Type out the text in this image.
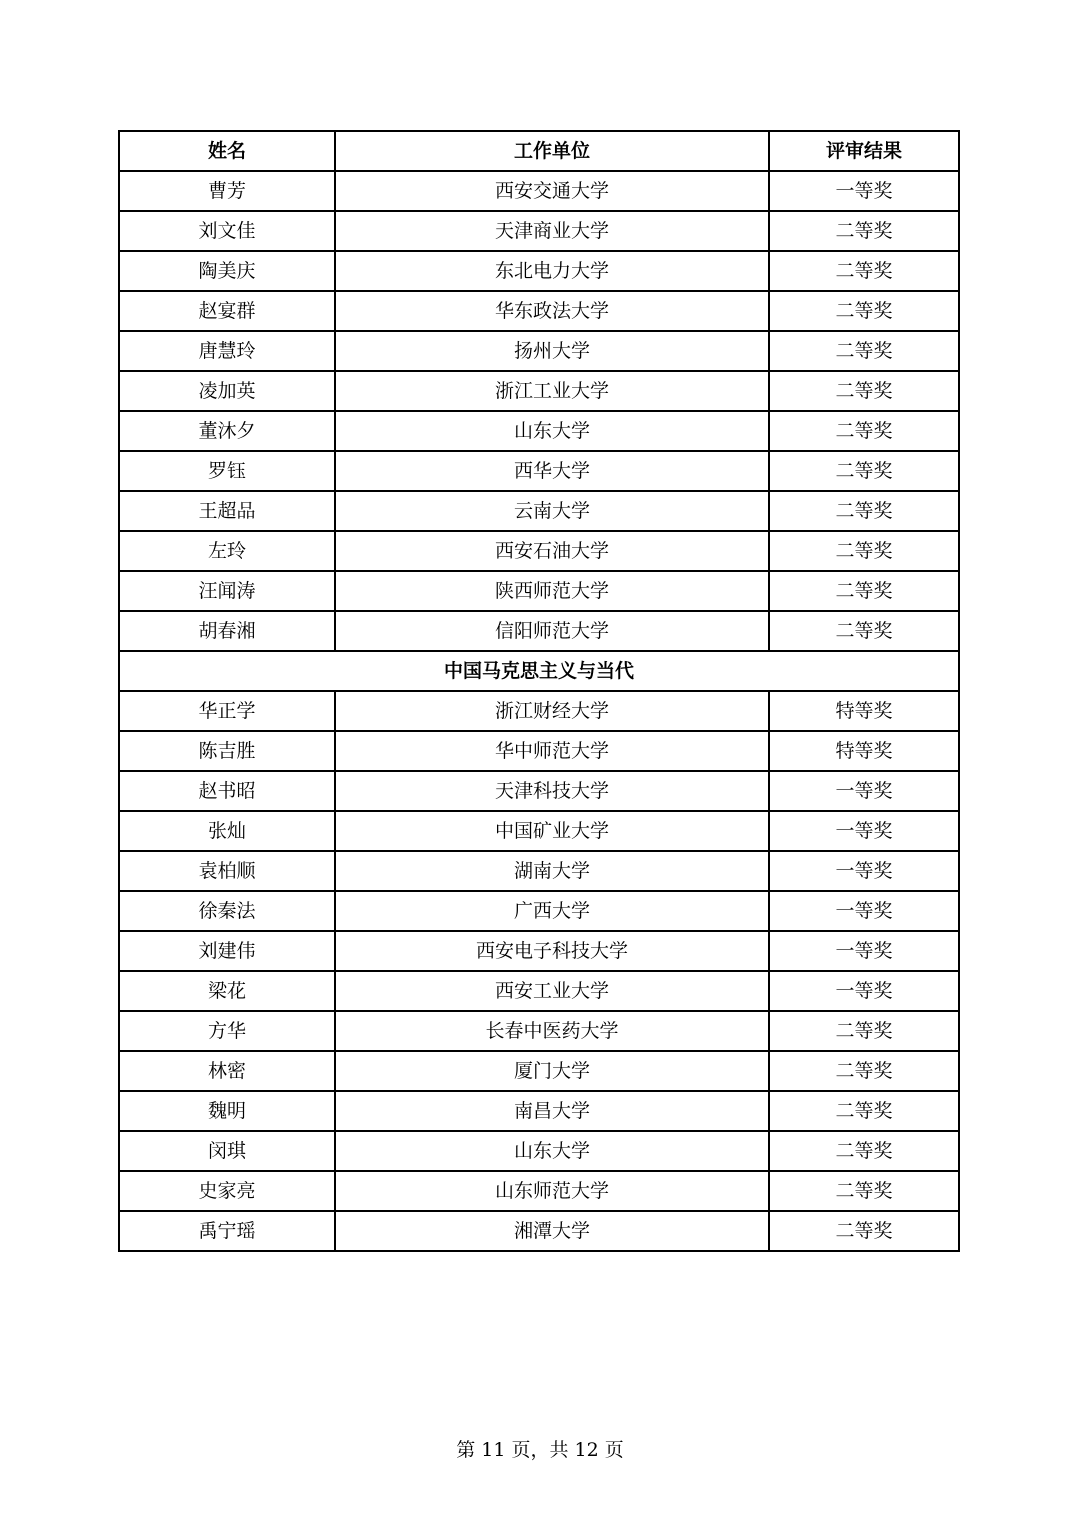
姓名	工作单位	评审结果
曹芳	西安交通大学	一等奖
刘文佳	天津商业大学	二等奖
陶美庆	东北电力大学	二等奖
赵宴群	华东政法大学	二等奖
唐慧玲	扬州大学	二等奖
凌加英	浙江工业大学	二等奖
董沐夕	山东大学	二等奖
罗钰	西华大学	二等奖
王超品	云南大学	二等奖
左玲	西安石油大学	二等奖
汪闻涛	陕西师范大学	二等奖
胡春湘	信阳师范大学	二等奖
中国马克思主义与当代		
华正学	浙江财经大学	特等奖
陈吉胜	华中师范大学	特等奖
赵书昭	天津科技大学	一等奖
张灿	中国矿业大学	一等奖
袁柏顺	湖南大学	一等奖
徐秦法	广西大学	一等奖
刘建伟	西安电子科技大学	一等奖
梁花	西安工业大学	一等奖
方华	长春中医药大学	二等奖
林密	厦门大学	二等奖
魏明	南昌大学	二等奖
闵琪	山东大学	二等奖
史家亮	山东师范大学	二等奖
禹宁瑶	湘潭大学	二等奖
第 11 页，共 12 页
